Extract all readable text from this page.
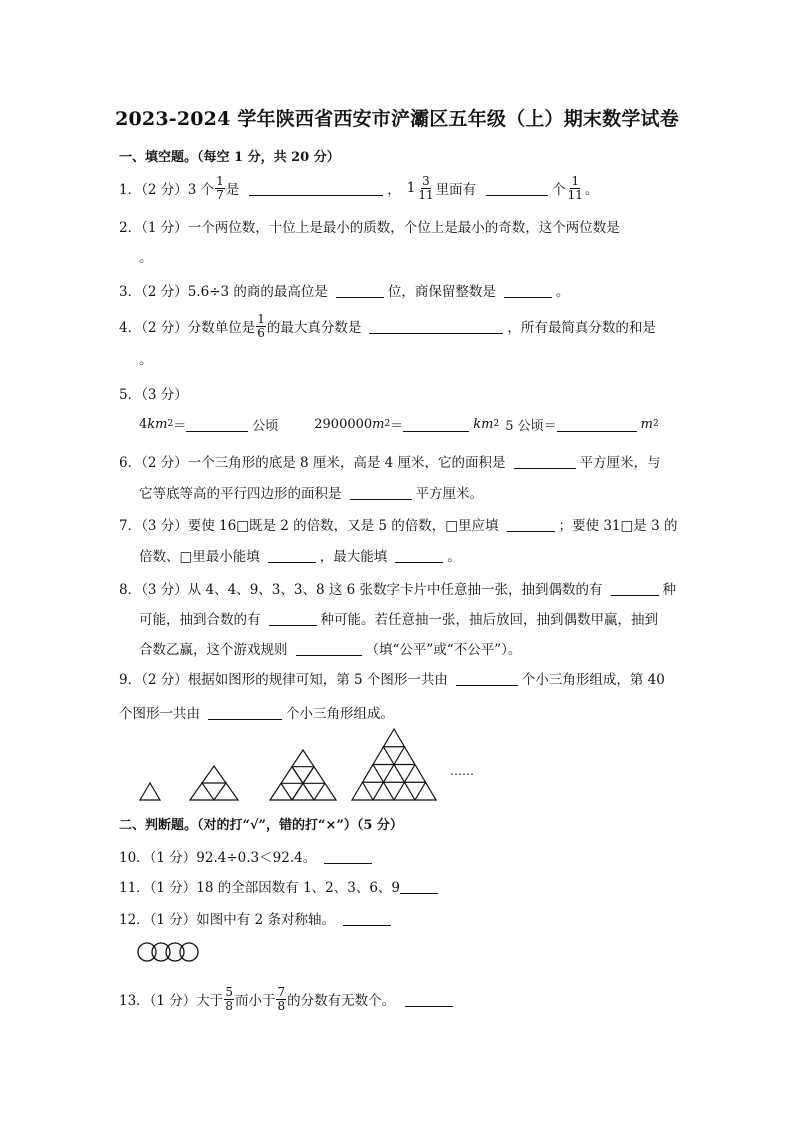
2023-2024 学年陕西省西安市浐灞区五年级（上）期末数学试卷
一、填空题。（每空 1 分，共 20 分）
1．（2 分）3 个 $\frac{1}{7}$ 是	， $1 \frac{3}{11}$ 里面有	个 $\frac{1}{11}$ 。
2．（1 分）一个两位数，十位上是最小的质数，个位上是最小的奇数，这个两位数是
。
3．（2 分）5.6÷3 的商的最高位是	位，商保留整数是	。
4．（2 分）分数单位是 $\frac{1}{6}$ 的最大真分数是	，所有最简真分数的和是
。
5．（3 分）
4 km 2 ＝	公顷	2900000 m 2 ＝	km 2 5 公顷＝	m 2
6．（2 分）一个三角形的底是 8 厘米，高是 4 厘米，它的面积是	平方厘米，与
它等底等高的平行四边形的面积是	平方厘米。
7．（3 分）要使 16□既是 2 的倍数，又是 5 的倍数，□里应填	；要使 31□是 3 的
倍数、□里最小能填	，最大能填	。
8．（3 分）从 4、4、9、3、3、8 这 6 张数字卡片中任意抽一张，抽到偶数的有	种
可能，抽到合数的有	种可能。若任意抽一张，抽后放回，抽到偶数甲赢，抽到
合数乙赢，这个游戏规则	（填“公平”或“不公平”）。
9．（2 分）根据如图形的规律可知，第 5 个图形一共由	个小三角形组成，第 40
个图形一共由	个小三角形组成。
……
二、判断题。（对的打“√”，错的打“×”）（5 分）
10．（1 分）92.4÷0.3＜92.4。
11．（1 分）18 的全部因数有 1、2、3、6、9
12．（1 分）如图中有 2 条对称轴。
13．（1 分）大于 $\frac{5}{8}$ 而小于 $\frac{7}{8}$ 的分数有无数个。
